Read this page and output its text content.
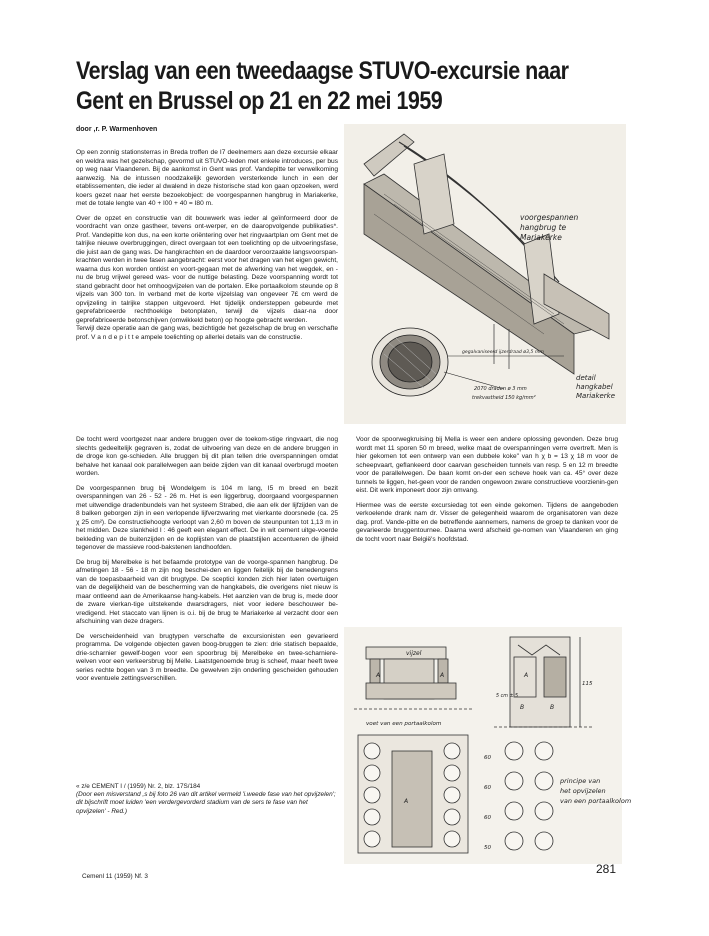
Verslag van een tweedaagse STUVO-excursie naar
Gent en Brussel op 21 en 22 mei 1959
door ,r. P. Warmenhoven

Op een zonnig stationsterras in Breda troffen de I7 deelnemers aan deze excursie elkaar en weldra was het gezelschap, gevormd uit STUVO-leden met enkele introduces, per bus op weg naar Vlaanderen. Bij de aankomst in Gent was prof. Vandepitte ter verwelkoming aanwezig. Na de intussen noodzakelijk geworden versterkende lunch in een der etablissementen, die ieder al dwalend in deze historische stad kon gaan opzoeken, werd koers gezet naar het eerste bezoekobject: de voorgespannen hangbrug in Mariakerke, met de totale lengte van 40 + I00 + 40 = I80 m.

Over de opzet en constructie van dit bouwwerk was ieder al geïnformeerd door de voordracht van onze gastheer, tevens ont-werper, en de daaropvolgende publikaties*. Prof. Vandepitte kon dus, na een korte oriëntering over het ringvaartplan om Gent met de talrijke nieuwe overbruggingen, direct overgaan tot een toelichting op de uitvoeringsfase, die juist aan de gang was. De hangkrachten en de daardoor veroorzaakte langsvoorspan-krachten werden in twee fasen aangebracht: eerst voor het dragen van het eigen gewicht, waarna dus kon worden ontkist en voort-gegaan met de afwerking van het wegdek, en -nu de brug vrijwel gereed was- voor de nuttige belasting. Deze voorspanning wordt tot stand gebracht door het omhoogvijzelen van de portalen. Elke portaalkolom steunde op 8 vijzels van 300 ton. In verband met de korte vijzelslag van ongeveer 7£ cm werd de opvijzeling in talrijke stappen uitgevoerd. Het tijdelijk ondersteppen gebeurde met geprefabriceerde rechthoekige betonplaten, terwijl de vijzels daar-na door geprefabriceerde betonschijven (omwikkeld beton) op hoogte gebracht werden.

Terwijl deze operatie aan de gang was, bezichtigde het gezelschap de brug en verschafte prof. V a n d e p i t t e ampele toelichting op allerlei details van de constructie.

De tocht werd voortgezet naar andere bruggen over de toekom-stige ringvaart, die nog slechts gedeeltelijk gegraven is, zodat de uitvoering van deze en de andere bruggen in de droge kon ge-schieden. Alle bruggen bij dit plan tellen drie overspanningen omdat behalve het kanaal ook parallelwegen aan beide zijden van dit kanaal overbrugd moeten worden.

De voorgespannen brug bij Wondelgem is 104 m lang, I5 m breed en bezit overspanningen van 26 - 52 - 26 m. Het is een liggerbrug, doorgaand voorgespannen met uitwendige dradenbundels van het systeem Strabed, die aan elk der lijfzijden van de 8 balken geborgen zijn in een verlopende lijfverzwaring met vierkante doorsnede (ca. 25 χ 25 cm²). De constructiehoogte verloopt van 2,60 m boven de steunpunten tot 1,13 m in het midden. Deze slankheid I : 46 geeft een elegant effect. De in wit cement uitge-voerde bekleding van de buitenzijden en de koplijsten van de plaatstijlen accentueren de ijlheid tegenover de massieve rood-bakstenen landhoofden.

De brug bij Merelbeke is het befaamde prototype van de voorge-spannen hangbrug. De afmetingen 18 - 56 - 18 m zijn nog beschei-den en liggen feitelijk bij de benedengrens van de toepasbaarheid van dit brugtype. De scepticì konden zich hier laten overtuigen van de degelijkheid van de bescherming van de hangkabels, die overigens niet nieuw is maar ontleend aan de Amerikaanse hang-kabels. Het aanzien van de brug is, mede door de zware vierkan-tige uitstekende dwarsdragers, niet voor iedere beschouwer be-vredigend. Het staccato van lijnen is o.i. bij de brug te Mariakerke al verzacht door een afschuining van deze dragers.

De verscheidenheid van brugtypen verschafte de excursionisten een gevarieerd programma. De volgende objecten gaven boog-bruggen te zien: drie statisch bepaalde, drie-scharnier gewelf-bogen voor een spoorbrug bij Merelbeke en twee-scharniere-welven voor een verkeersbrug bij Melle. Laatstgenoemde brug is scheef, maar heeft twee series rechte bogen van 3 m breedte. De gewelven zijn onderling gescheiden gehouden voor eventuele zettingsverschillen.

« z/e CEMENT I / (1959) Nr. 2, blz. 17S/184
(Door een misverstand ,s bij foto 26 van dit artikel vermeld 'i.weede fase van het opvijzelen'; dit bijschrift moet luiden 'een verdergevorderd stadium van de sers te fase van het opvijzelen' - Red.)

Voor de spoorwegkruising bij Mella is weer een andere oplossing gevonden. Deze brug wordt met 11 sporen 50 m breed, welke maat de overspanningen verre overtreft. Men is hier gekomen tot een ontwerp van een dubbele koke" van h χ b = 13 χ 18 m voor de scheepvaart, geflankeerd door caarvan gescheiden tunnels van resp. 5 en 12 m breedte voor de parallelwegen. De baan komt on-der een scheve hoek van ca. 45° over deze tunnels te liggen, het-geen voor de randen ongewoon zware constructieve voorzienin-gen eist. Dit werk imponeert door zijn omvang.

Hiermee was de eerste excursiedag tot een einde gekomen. Tijdens de aangeboden verkoelende drank nam dr. Visser de gelegenheid waarom de organisatoren van deze dag. prof. Vande-pitte en de betreffende aannemers, namens de groep te danken voor de gevarieerde bruggentournee. Daarna werd afscheid ge-nomen van Vlaanderen en ging de tocht voort naar België's hoofdstad.

voorgespannen
hangbrug te
Mariakerke
gegalvaniseerd ijzerdraad ø3,5 mm
2070 draden ø 3 mm
trekvastheid 150 kg/mm²
detail
hangkabel
Mariakerke
vijzel
voet van een portaalkolom
115
60
60
60
50
A	A
A
A
B	B
5 cm ± 5
principe van
het opvijzelen
van een portaalkolom
281
Cemenl 11 (1959) Nf. 3
